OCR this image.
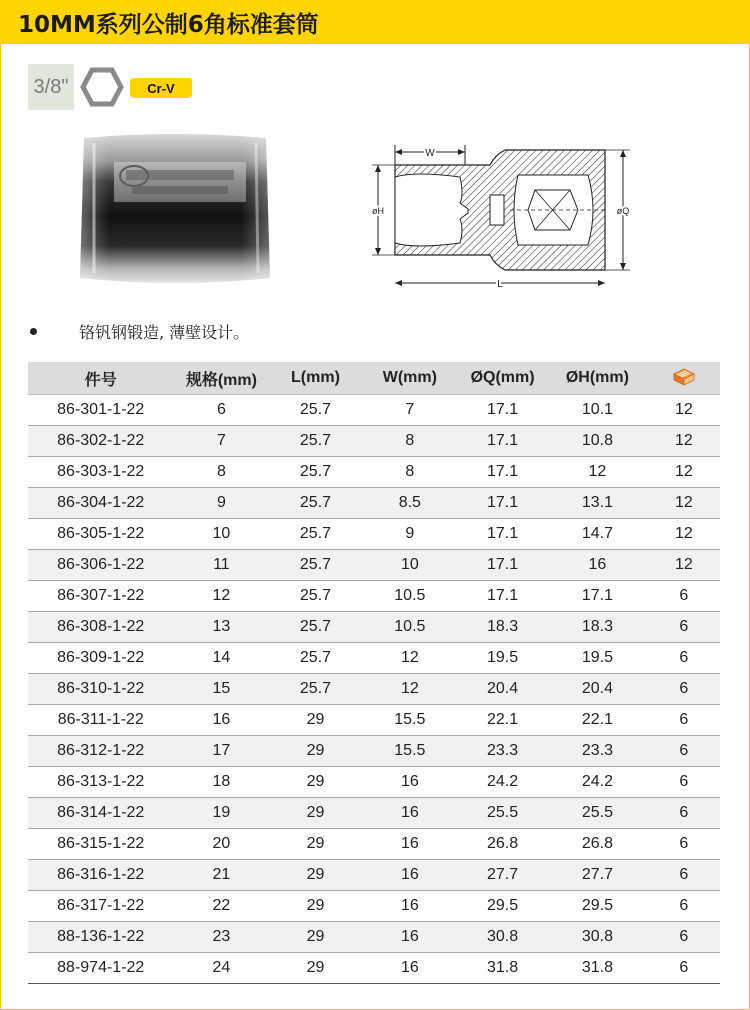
10MM系列公制6角标准套筒
3/8"	Cr-V
W
øH	øQ
L
铬钒钢锻造, 薄壁设计。
件号	规格(mm)	L(mm)	W(mm)	ØQ(mm)	ØH(mm)	
86-301-1-22	6	25.7	7	17.1	10.1	12
86-302-1-22	7	25.7	8	17.1	10.8	12
86-303-1-22	8	25.7	8	17.1	12	12
86-304-1-22	9	25.7	8.5	17.1	13.1	12
86-305-1-22	10	25.7	9	17.1	14.7	12
86-306-1-22	11	25.7	10	17.1	16	12
86-307-1-22	12	25.7	10.5	17.1	17.1	6
86-308-1-22	13	25.7	10.5	18.3	18.3	6
86-309-1-22	14	25.7	12	19.5	19.5	6
86-310-1-22	15	25.7	12	20.4	20.4	6
86-311-1-22	16	29	15.5	22.1	22.1	6
86-312-1-22	17	29	15.5	23.3	23.3	6
86-313-1-22	18	29	16	24.2	24.2	6
86-314-1-22	19	29	16	25.5	25.5	6
86-315-1-22	20	29	16	26.8	26.8	6
86-316-1-22	21	29	16	27.7	27.7	6
86-317-1-22	22	29	16	29.5	29.5	6
88-136-1-22	23	29	16	30.8	30.8	6
88-974-1-22	24	29	16	31.8	31.8	6
